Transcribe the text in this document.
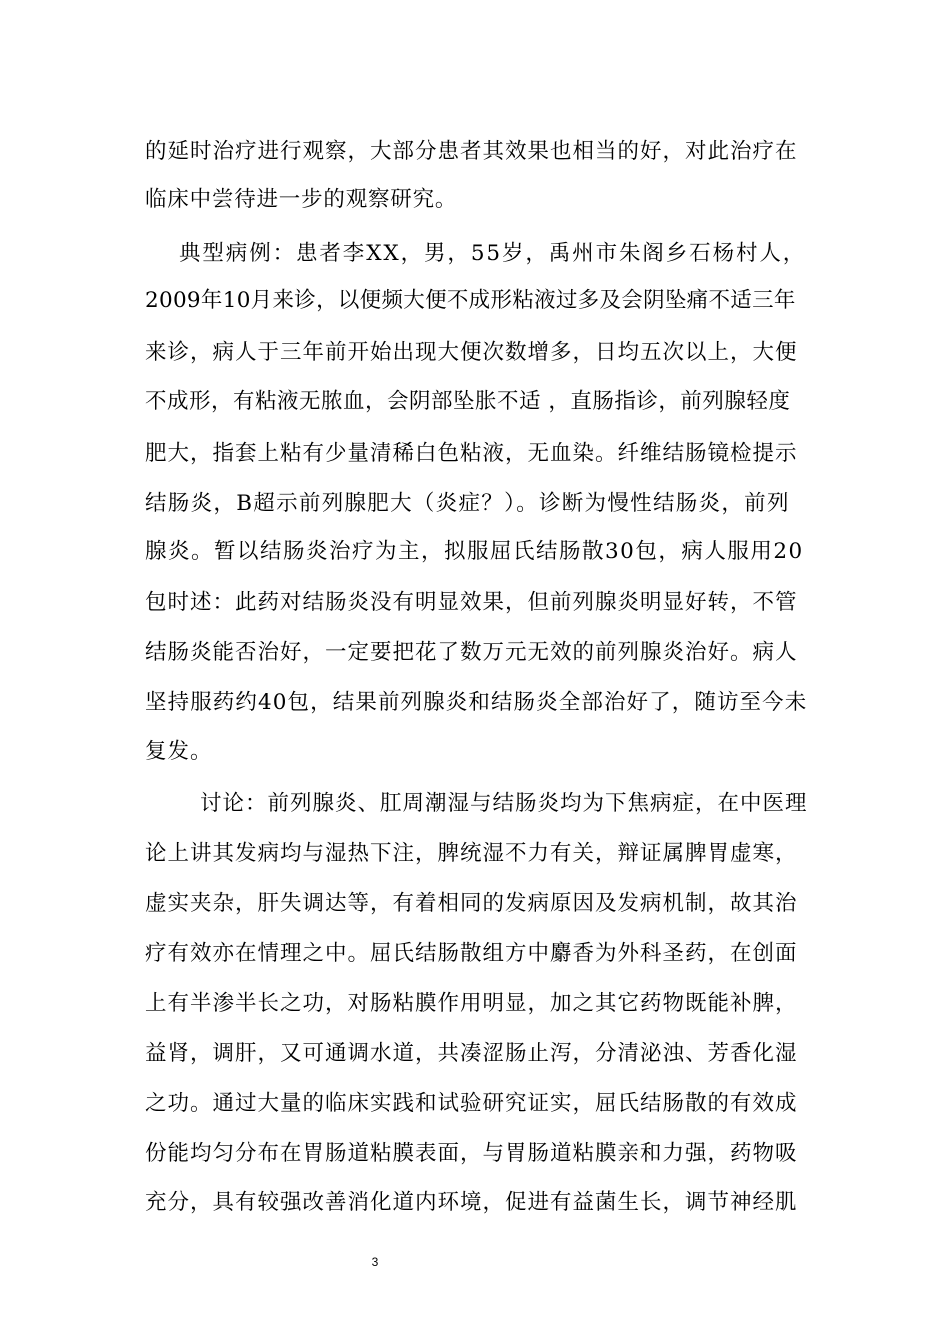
的延时治疗进行观察，大部分患者其效果也相当的好，对此治疗在
临床中尝待进一步的观察研究。
典型病例：患者李XX，男，55岁，禹州市朱阁乡石杨村人，
2009年10月来诊，以便频大便不成形粘液过多及会阴坠痛不适三年
来诊，病人于三年前开始出现大便次数增多，日均五次以上，大便
不成形，有粘液无脓血，会阴部坠胀不适 ，直肠指诊，前列腺轻度
肥大，指套上粘有少量清稀白色粘液，无血染。纤维结肠镜检提示
结肠炎，B超示前列腺肥大（炎症？）。诊断为慢性结肠炎，前列
腺炎。暂以结肠炎治疗为主，拟服屈氏结肠散30包，病人服用20
包时述：此药对结肠炎没有明显效果，但前列腺炎明显好转，不管
结肠炎能否治好，一定要把花了数万元无效的前列腺炎治好。病人
坚持服药约40包，结果前列腺炎和结肠炎全部治好了，随访至今未
复发。
讨论：前列腺炎、肛周潮湿与结肠炎均为下焦病症，在中医理
论上讲其发病均与湿热下注，脾统湿不力有关，辩证属脾胃虚寒，
虚实夹杂，肝失调达等，有着相同的发病原因及发病机制，故其治
疗有效亦在情理之中。屈氏结肠散组方中麝香为外科圣药，在创面
上有半渗半长之功，对肠粘膜作用明显，加之其它药物既能补脾，
益肾，调肝，又可通调水道，共凑涩肠止泻，分清泌浊、芳香化湿
之功。通过大量的临床实践和试验研究证实，屈氏结肠散的有效成
份能均匀分布在胃肠道粘膜表面，与胃肠道粘膜亲和力强，药物吸
充分，具有较强改善消化道内环境，促进有益菌生长，调节神经肌
3
